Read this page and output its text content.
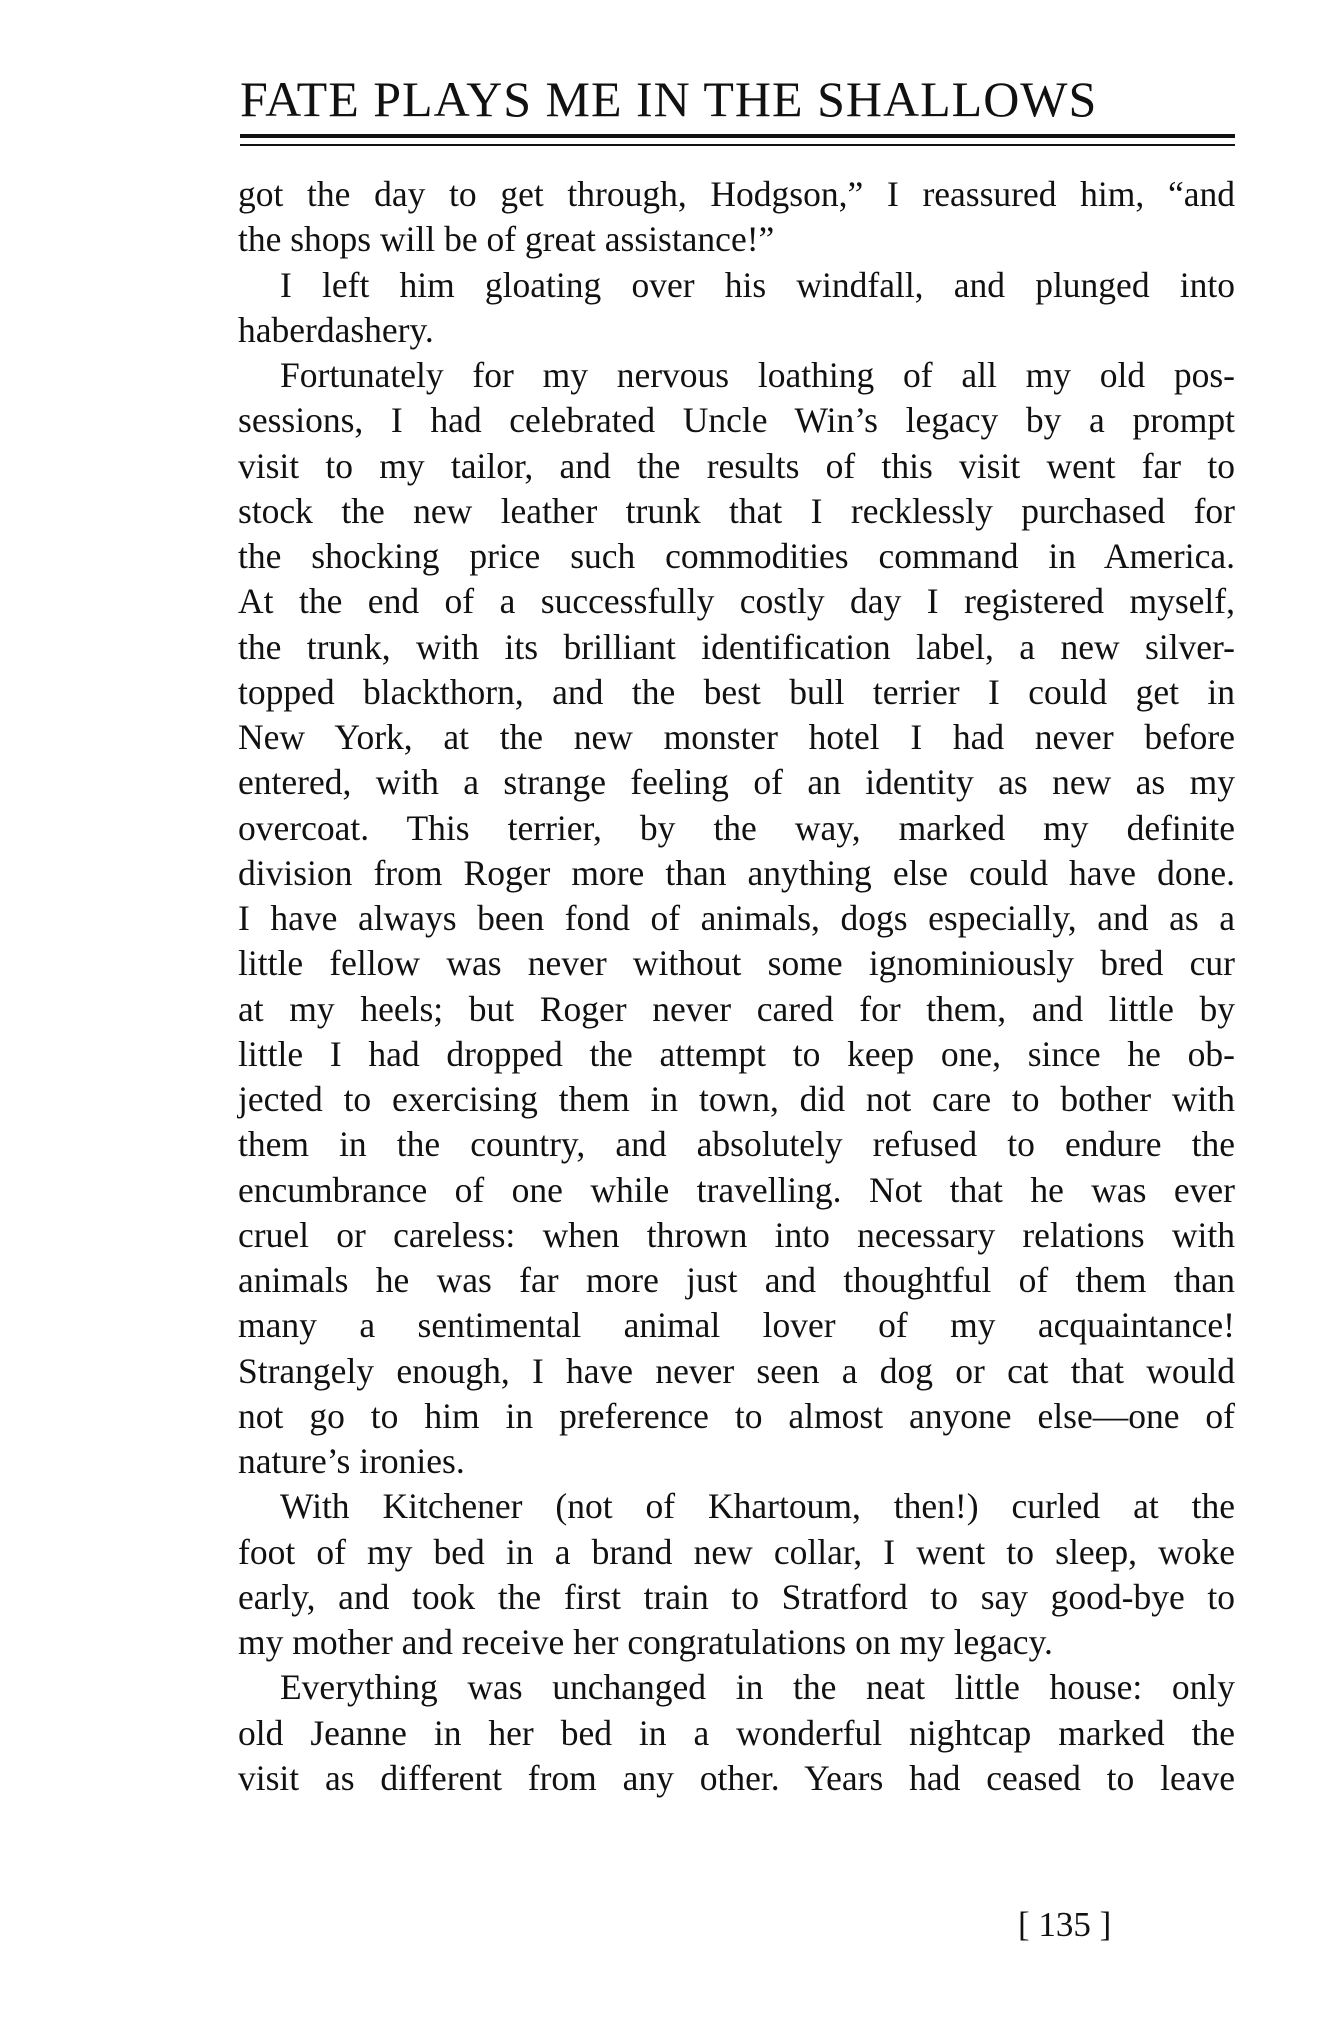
FATE PLAYS ME IN THE SHALLOWS
got the day to get through, Hodgson,” I reassured him, “and
the shops will be of great assistance!”
I left him gloating over his windfall, and plunged into
haberdashery.
Fortunately for my nervous loathing of all my old pos-
sessions, I had celebrated Uncle Win’s legacy by a prompt
visit to my tailor, and the results of this visit went far to
stock the new leather trunk that I recklessly purchased for
the shocking price such commodities command in America.
At the end of a successfully costly day I registered myself,
the trunk, with its brilliant identification label, a new silver-
topped blackthorn, and the best bull terrier I could get in
New York, at the new monster hotel I had never before
entered, with a strange feeling of an identity as new as my
overcoat. This terrier, by the way, marked my definite
division from Roger more than anything else could have done.
I have always been fond of animals, dogs especially, and as a
little fellow was never without some ignominiously bred cur
at my heels; but Roger never cared for them, and little by
little I had dropped the attempt to keep one, since he ob-
jected to exercising them in town, did not care to bother with
them in the country, and absolutely refused to endure the
encumbrance of one while travelling. Not that he was ever
cruel or careless: when thrown into necessary relations with
animals he was far more just and thoughtful of them than
many a sentimental animal lover of my acquaintance!
Strangely enough, I have never seen a dog or cat that would
not go to him in preference to almost anyone else—one of
nature’s ironies.
With Kitchener (not of Khartoum, then!) curled at the
foot of my bed in a brand new collar, I went to sleep, woke
early, and took the first train to Stratford to say good-bye to
my mother and receive her congratulations on my legacy.
Everything was unchanged in the neat little house: only
old Jeanne in her bed in a wonderful nightcap marked the
visit as different from any other. Years had ceased to leave
[ 135 ]
